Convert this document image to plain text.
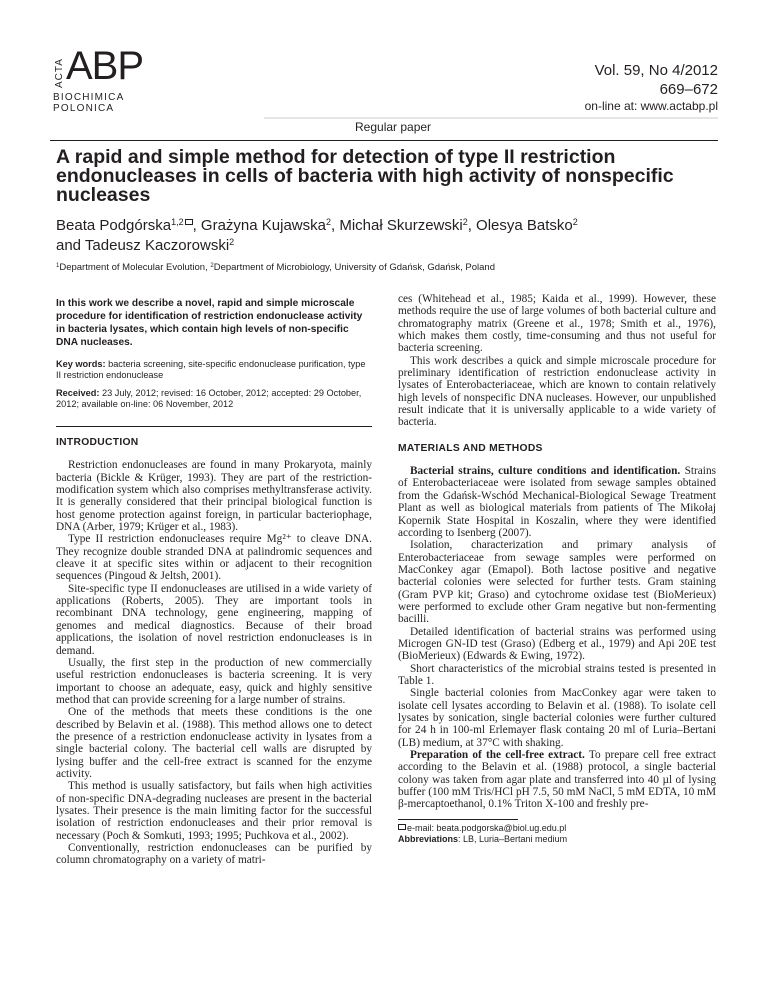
ACTA ABP
BIOCHIMICA
POLONICA
Vol. 59, No 4/2012
669–672
on-line at: www.actabp.pl
Regular paper
A rapid and simple method for detection of type II restriction endonucleases in cells of bacteria with high activity of nonspecific nucleases
Beata Podgórska$^{1,2}$ , Grażyna Kujawska$^2$, Michał Skurzewski$^2$, Olesya Batsko$^2$
and Tadeusz Kaczorowski$^2$
$^1$Department of Molecular Evolution, $^2$Department of Microbiology, University of Gdańsk, Gdańsk, Poland
In this work we describe a novel, rapid and simple microscale procedure for identification of restriction endonuclease activity in bacteria lysates, which contain high levels of non-specific DNA nucleases.
Key words: bacteria screening, site-specific endonuclease purification, type II restriction endonuclease
Received: 23 July, 2012; revised: 16 October, 2012; accepted: 29 October, 2012; available on-line: 06 November, 2012
INTRODUCTION

Restriction endonucleases are found in many Prokaryota, mainly bacteria (Bickle & Krüger, 1993). They are part of the restriction-modification system which also comprises methyltransferase activity. It is generally considered that their principal biological function is host genome protection against foreign, in particular bacteriophage, DNA (Arber, 1979; Krüger et al., 1983).

Type II restriction endonucleases require Mg²⁺ to cleave DNA. They recognize double stranded DNA at palindromic sequences and cleave it at specific sites within or adjacent to their recognition sequences (Pingoud & Jeltsh, 2001).

Site-specific type II endonucleases are utilised in a wide variety of applications (Roberts, 2005). They are important tools in recombinant DNA technology, gene engineering, mapping of genomes and medical diagnostics. Because of their broad applications, the isolation of novel restriction endonucleases is in demand.

Usually, the first step in the production of new commercially useful restriction endonucleases is bacteria screening. It is very important to choose an adequate, easy, quick and highly sensitive method that can provide screening for a large number of strains.

One of the methods that meets these conditions is the one described by Belavin et al. (1988). This method allows one to detect the presence of a restriction endonuclease activity in lysates from a single bacterial colony. The bacterial cell walls are disrupted by lysing buffer and the cell-free extract is scanned for the enzyme activity.

This method is usually satisfactory, but fails when high activities of non-specific DNA-degrading nucleases are present in the bacterial lysates. Their presence is the main limiting factor for the successful isolation of restriction endonucleases and their prior removal is necessary (Poch & Somkuti, 1993; 1995; Puchkova et al., 2002).

Conventionally, restriction endonucleases can be purified by column chromatography on a variety of matri-

ces (Whitehead et al., 1985; Kaida et al., 1999). However, these methods require the use of large volumes of both bacterial culture and chromatography matrix (Greene et al., 1978; Smith et al., 1976), which makes them costly, time-consuming and thus not useful for bacteria screening.

This work describes a quick and simple microscale procedure for preliminary identification of restriction endonuclease activity in lysates of Enterobacteriaceae, which are known to contain relatively high levels of nonspecific DNA nucleases. However, our unpublished result indicate that it is universally applicable to a wide variety of bacteria.

MATERIALS AND METHODS

Bacterial strains, culture conditions and identification. Strains of Enterobacteriaceae were isolated from sewage samples obtained from the Gdańsk-Wschód Mechanical-Biological Sewage Treatment Plant as well as biological materials from patients of The Mikołaj Kopernik State Hospital in Koszalin, where they were identified according to Isenberg (2007).

Isolation, characterization and primary analysis of Enterobacteriaceae from sewage samples were performed on MacConkey agar (Emapol). Both lactose positive and negative bacterial colonies were selected for further tests. Gram staining (Gram PVP kit; Graso) and cytochrome oxidase test (BioMerieux) were performed to exclude other Gram negative but non-fermenting bacilli.

Detailed identification of bacterial strains was performed using Microgen GN-ID test (Graso) (Edberg et al., 1979) and Api 20E test (BioMerieux) (Edwards & Ewing, 1972).

Short characteristics of the microbial strains tested is presented in Table 1.

Single bacterial colonies from MacConkey agar were taken to isolate cell lysates according to Belavin et al. (1988). To isolate cell lysates by sonication, single bacterial colonies were further cultured for 24 h in 100-ml Erlemayer flask containg 20 ml of Luria–Bertani (LB) medium, at 37°C with shaking.

Preparation of the cell-free extract. To prepare cell free extract according to the Belavin et al. (1988) protocol, a single bacterial colony was taken from agar plate and transferred into 40 µl of lysing buffer (100 mM Tris/HCl pH 7.5, 50 mM NaCl, 5 mM EDTA, 10 mM β-mercaptoethanol, 0.1% Triton X-100 and freshly pre-

e-mail: beata.podgorska@biol.ug.edu.pl
Abbreviations: LB, Luria–Bertani medium
